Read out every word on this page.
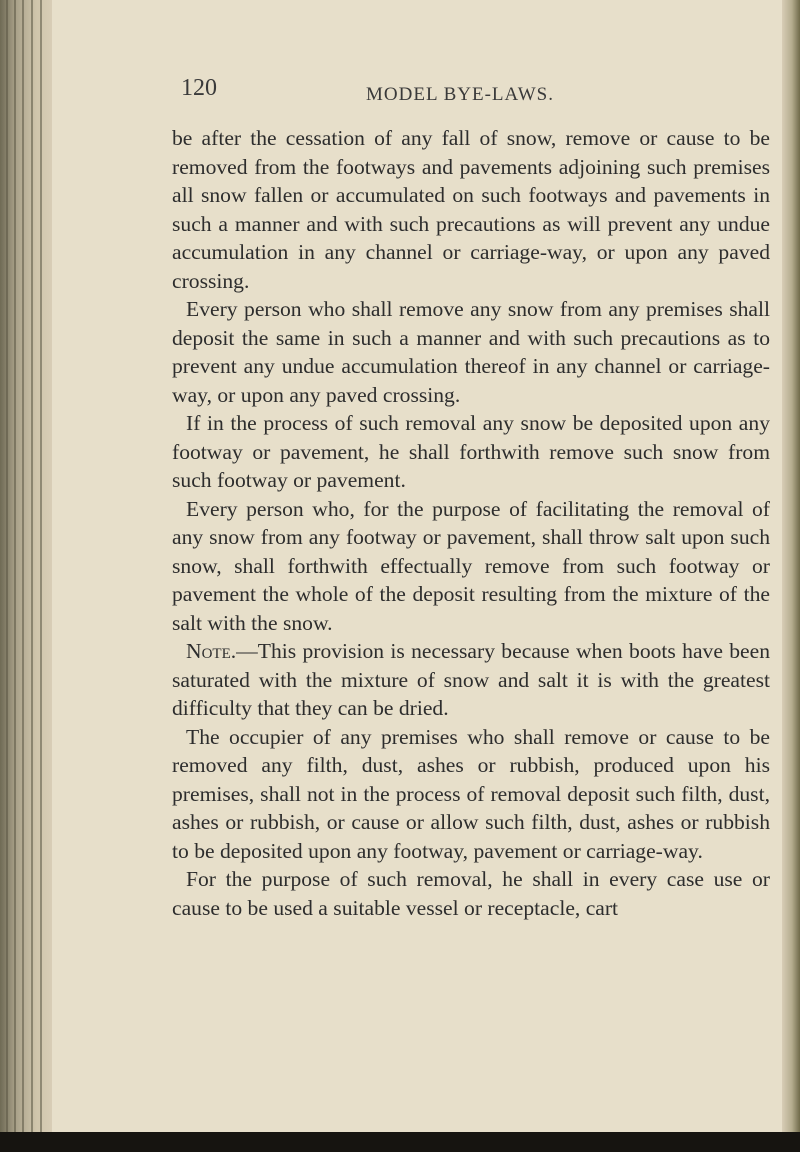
120	MODEL BYE-LAWS.

be after the cessation of any fall of snow, remove or cause to be removed from the footways and pavements adjoining such premises all snow fallen or accumulated on such footways and pavements in such a manner and with such precautions as will prevent any undue accumulation in any channel or carriage-way, or upon any paved crossing.

Every person who shall remove any snow from any premises shall deposit the same in such a manner and with such precautions as to prevent any undue accumulation thereof in any channel or carriage-way, or upon any paved crossing.

If in the process of such removal any snow be deposited upon any footway or pavement, he shall forthwith remove such snow from such footway or pavement.

Every person who, for the purpose of facilitating the removal of any snow from any footway or pavement, shall throw salt upon such snow, shall forthwith effectually remove from such footway or pavement the whole of the deposit resulting from the mixture of the salt with the snow.

Note.—This provision is necessary because when boots have been saturated with the mixture of snow and salt it is with the greatest difficulty that they can be dried.

The occupier of any premises who shall remove or cause to be removed any filth, dust, ashes or rubbish, produced upon his premises, shall not in the process of removal deposit such filth, dust, ashes or rubbish, or cause or allow such filth, dust, ashes or rubbish to be deposited upon any footway, pavement or carriage-way.

For the purpose of such removal, he shall in every case use or cause to be used a suitable vessel or receptacle, cart
